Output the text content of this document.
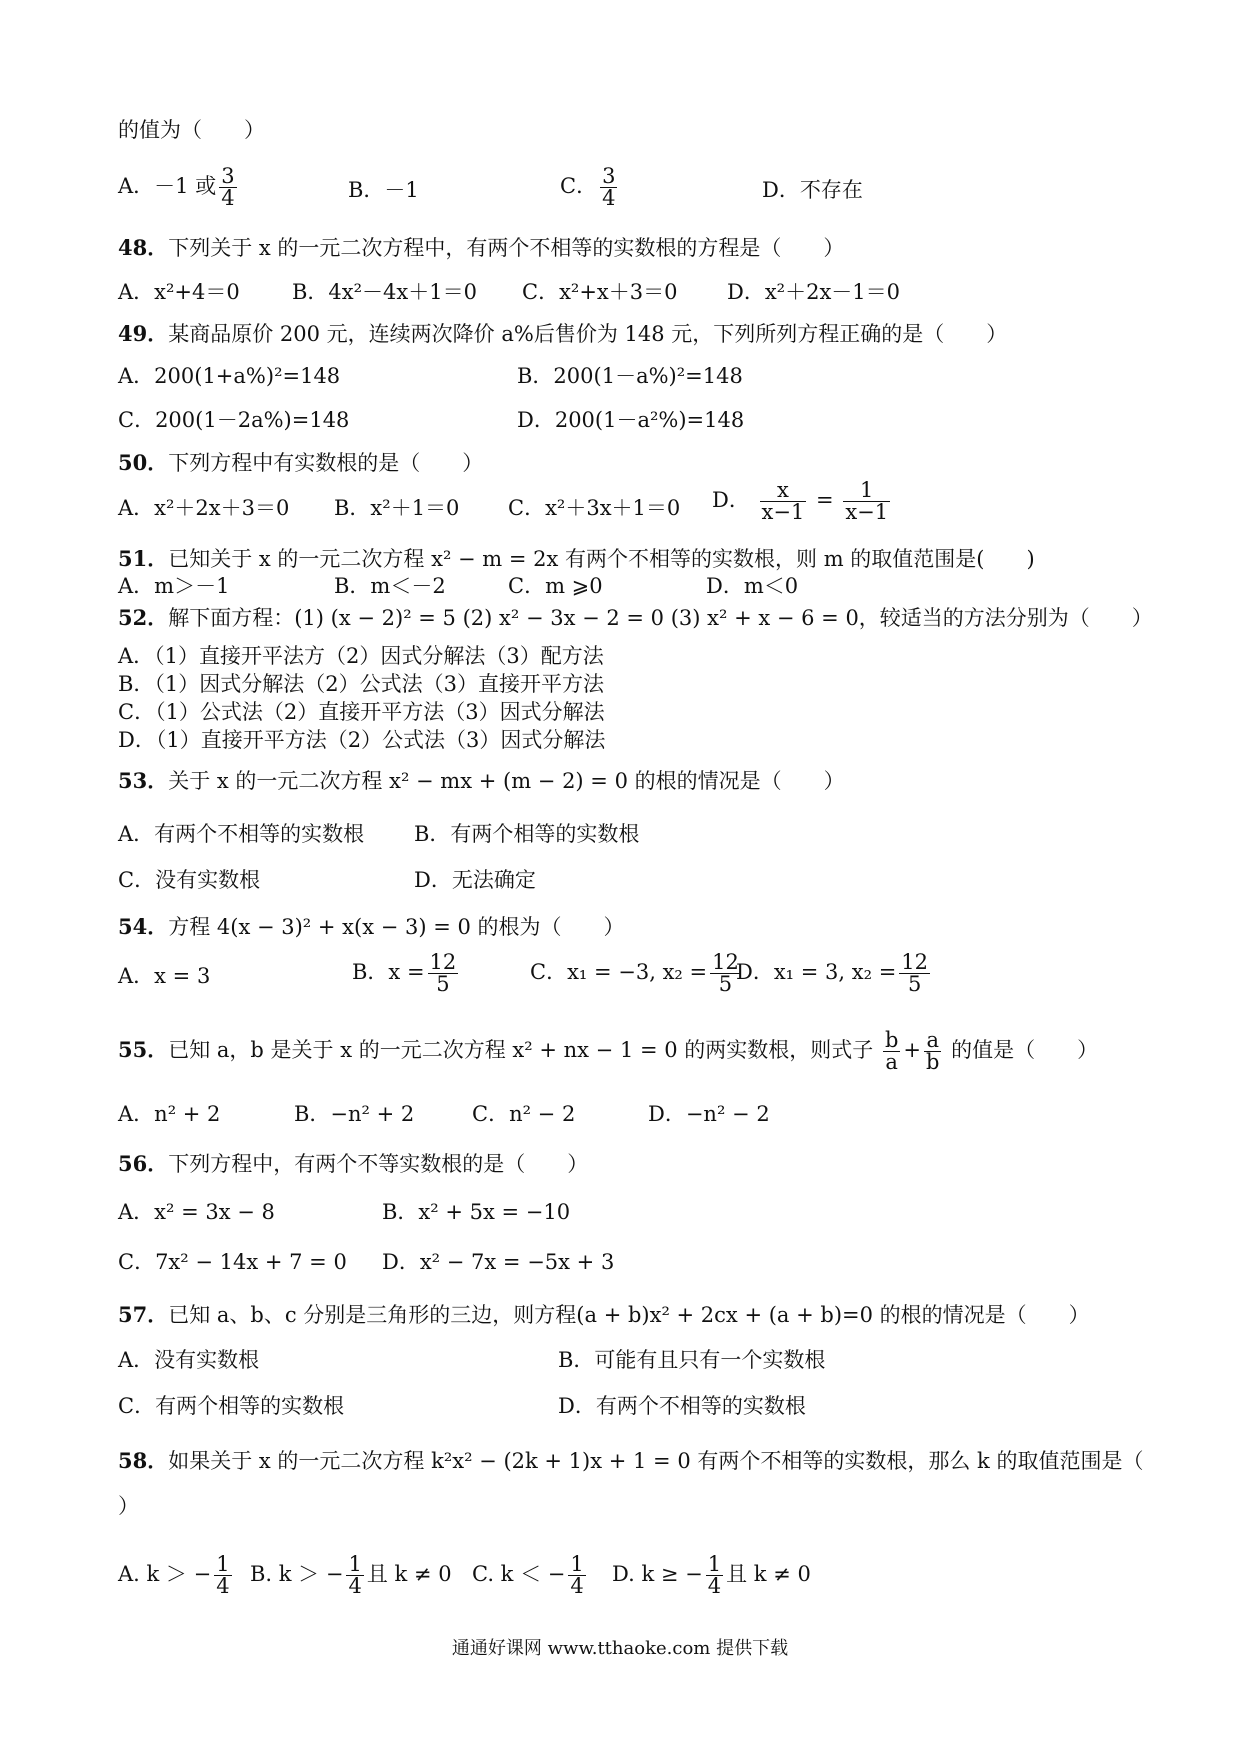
的值为（　　）
A．－1 或 $\frac{3}{4}$	B．－1	C． $\frac{3}{4}$	D．不存在
48．下列关于 x 的一元二次方程中，有两个不相等的实数根的方程是（　　）
A．x²+4＝0 B．4x²－4x＋1＝0 C．x²+x＋3＝0 D．x²＋2x－1＝0
49．某商品原价 200 元，连续两次降价 a%后售价为 148 元，下列所列方程正确的是（　　）
A．200(1+a%)²=148	B．200(1－a%)²=148
C．200(1－2a%)=148	D．200(1－a²%)=148
50．下列方程中有实数根的是（　　）
A．x²＋2x＋3＝0 B．x²＋1＝0 C．x²＋3x＋1＝0 D． $\frac{x}{x-1} = \frac{1}{x-1}$
51．已知关于 x 的一元二次方程 x² − m = 2x 有两个不相等的实数根，则 m 的取值范围是(　　)
A．m＞－1	B．m＜－2	C．m ⩾0	D．m＜0
52．解下面方程：(1) (x − 2)² = 5 (2) x² − 3x − 2 = 0 (3) x² + x − 6 = 0，较适当的方法分别为（　　）
A．（1）直接开平法方（2）因式分解法（3）配方法
B．（1）因式分解法（2）公式法（3）直接开平方法
C．（1）公式法（2）直接开平方法（3）因式分解法
D．（1）直接开平方法（2）公式法（3）因式分解法
53．关于 x 的一元二次方程 x² − mx + (m − 2) = 0 的根的情况是（　　）
A．有两个不相等的实数根 B．有两个相等的实数根
C．没有实数根	D．无法确定
54．方程 4(x − 3)² + x(x − 3) = 0 的根为（　　）
A．x = 3	B．$x = \frac{12}{5}$	C．x₁ = −3, $x_2 = \frac{12}{5}$
D．x₁ = 3, $x_2 = \frac{12}{5}$
55．已知 a，b 是关于 x 的一元二次方程 x² + nx − 1 = 0 的两实数根，则式子 $\frac{b}{a} + \frac{a}{b}$ 的值是（　　）
A．n² + 2	B．−n² + 2	C．n² − 2	D．−n² − 2
56．下列方程中，有两个不等实数根的是（　　）
A．x² = 3x − 8	B．x² + 5x = −10
C．7x² − 14x + 7 = 0 D．x² − 7x = −5x + 3
57．已知 a、b、c 分别是三角形的三边，则方程(a + b)x² + 2cx + (a + b)=0 的根的情况是（　　）
A．没有实数根	B．可能有且只有一个实数根
C．有两个相等的实数根	D．有两个不相等的实数根
58．如果关于 x 的一元二次方程 k²x² − (2k + 1)x + 1 = 0 有两个不相等的实数根，那么 k 的取值范围是（
）
A. k ＞ − $\frac{1}{4} B$. k ＞ − $\frac{1}{4}$ 且 k ≠ 0 C. k ＜ − $\frac{1}{4} D$. k ≥ − $\frac{1}{4}$ 且 k ≠ 0
通通好课网 www.tthaoke.com 提供下载
